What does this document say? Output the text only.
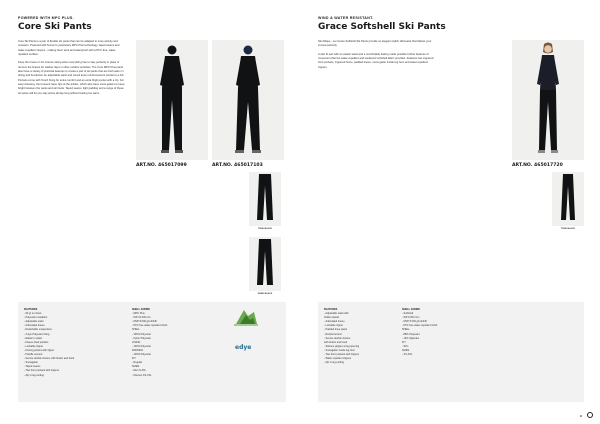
POWERED WITH MPC PLUS.
Core Ski Pants

Core Ski Pants is a pair of flexible ski pants that can be adapted to ones activity and occasion. Powered with Tenson's proprietary MPC Plus technology, taped seams and water-repellent zippers - making them wind and waterproof with a PFC-free, water-repellent surface.

Keep the knees on for intense skiing when everything has to stay perfectly in place or remove the braces for slacker days in other outdoor activities. The Core MPC Plus pants also have a variety of practical features to create a pair of ski pants that are both warm in skiing and functional. An adjustable waist and zoned knee reinforcements similar to a bib. Pockets come with Touch fixing for extra comfort and an extra thigh pocket with a zip. For easy dressing, the trousers have zips at the ankles, which also have snow gaiters to keep bright between the pants and ski boots. Taped seams, light padding and a range of these ski pants will let you stay active all day long without feeling too warm.

ART.NO. 465017099	ART.NO. 465017103
TRUE BLACK
DARK BLACK
FEATURES
- 60 gr on chest
- Polyester insulation
- Adjustable waist
- Articulated knees
- Detachable suspenders
- 3-dye Polyester lining
- Elastic in waist
- Fleece lined pockets
- Lockable zipper
- Flexing pocket with zipper
- Handle cement
- Secure double closure with button and hook
- Snowgaiter
- Taped seams
- Two front pockets with zippers
- Zip in leg ending
SHELL FABRIC
- MPC Plus
- WP 10 000 mm
- MVP 8 000 g/m2/24h
- PFC free water-repellent finish
SHELL
- 100% Polyester
- Nylon Polyester
LINING
- 100% Polyester
PADDING
- 100% Polyester
FIT
- Regular
SIZES
- Men S-3XL
- Women XS-XXL
edye
WIND & WATER RESISTANT.
Grace Softshell Ski Pants

Ski Allique - our Grace Softshell Ski Pants provide an elegant stylish silhouette that follows your curves perfectly.

A slim fit pair with an elastic waist and a comfortable feeling made possible further features of movement that the water-repellent and windproof softshell fabric provides. Features two zippered front pockets, zippered hems, padded knees, snow gaiter inside leg hem and water-repellent zippers.

ART.NO. 465017720
TRUE BLACK
FEATURES
- Adjustable waist with
hidden elastic
- Articulated knees
- Lockable zipper
- Padded knee panel
- Reinforcement
- Secure double closure
with button and hook
- Silicone gripper at leg opening
- Snowgaiter inside leg hem
- Two front pockets with zippers
- Water repellent zippers
- Zip in leg ending
SHELL FABRIC
- Softshell
- WP 8 000 mm
- MVP 5 000 g/m2/24h
- PFC free water-repellent finish
SHELL
- 88% Polyester
- 12% Spandex
FIT
- Slim
SIZES
- XS-XXL
9
